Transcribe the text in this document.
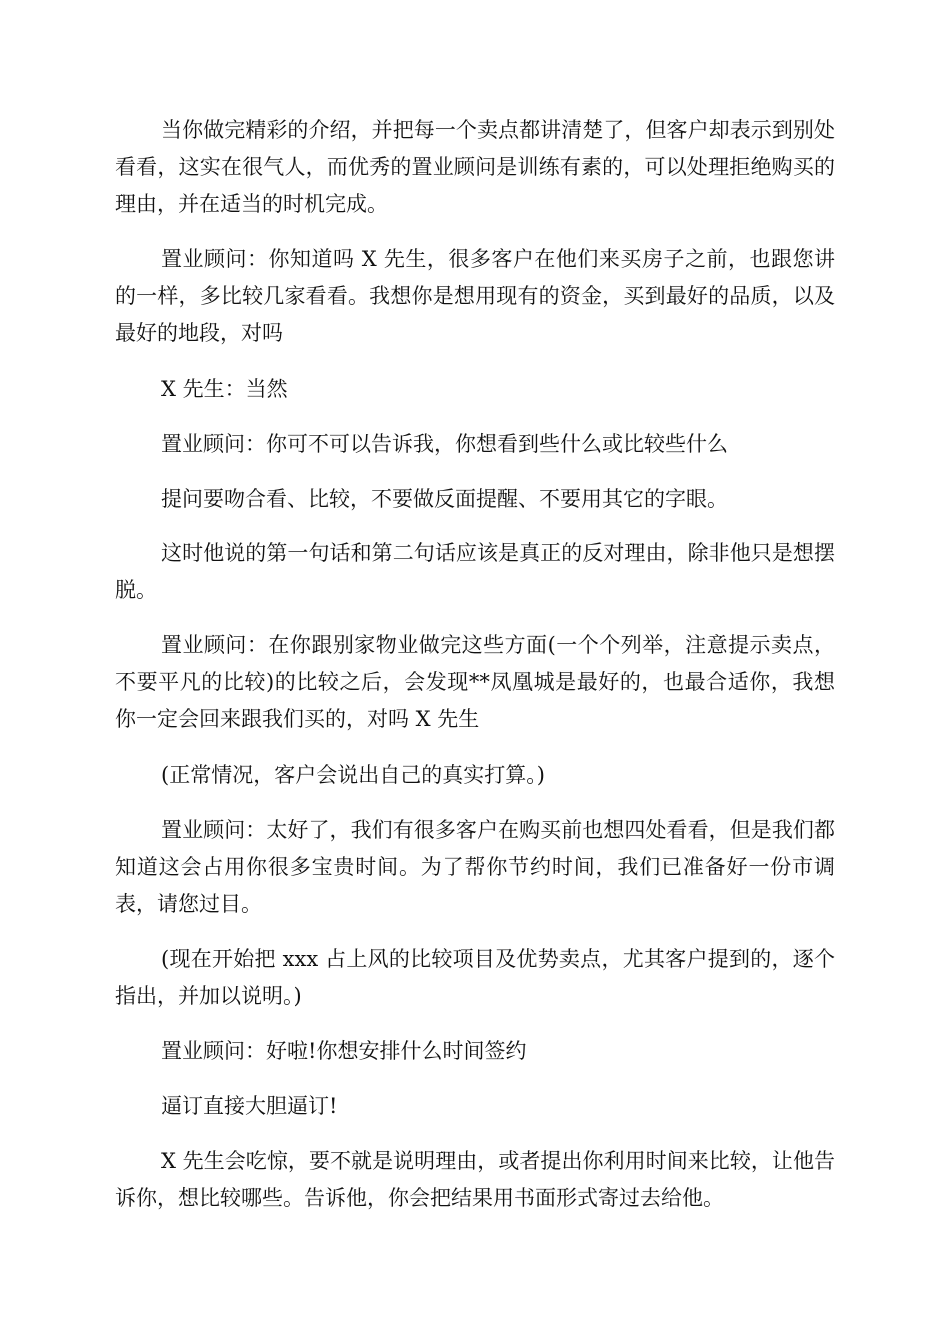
当你做完精彩的介绍，并把每一个卖点都讲清楚了，但客户却表示到别处看看，这实在很气人，而优秀的置业顾问是训练有素的，可以处理拒绝购买的理由，并在适当的时机完成。

置业顾问：你知道吗 X 先生，很多客户在他们来买房子之前，也跟您讲的一样，多比较几家看看。我想你是想用现有的资金，买到最好的品质，以及最好的地段，对吗

X 先生：当然

置业顾问：你可不可以告诉我，你想看到些什么或比较些什么

提问要吻合看、比较，不要做反面提醒、不要用其它的字眼。

这时他说的第一句话和第二句话应该是真正的反对理由，除非他只是想摆脱。

置业顾问：在你跟别家物业做完这些方面(一个个列举，注意提示卖点，不要平凡的比较)的比较之后，会发现**凤凰城是最好的，也最合适你，我想你一定会回来跟我们买的，对吗 X 先生

(正常情况，客户会说出自己的真实打算。)

置业顾问：太好了，我们有很多客户在购买前也想四处看看，但是我们都知道这会占用你很多宝贵时间。为了帮你节约时间，我们已准备好一份市调表，请您过目。

(现在开始把 xxx 占上风的比较项目及优势卖点，尤其客户提到的，逐个指出，并加以说明。)

置业顾问：好啦!你想安排什么时间签约

逼订直接大胆逼订!

X 先生会吃惊，要不就是说明理由，或者提出你利用时间来比较，让他告诉你，想比较哪些。告诉他，你会把结果用书面形式寄过去给他。
